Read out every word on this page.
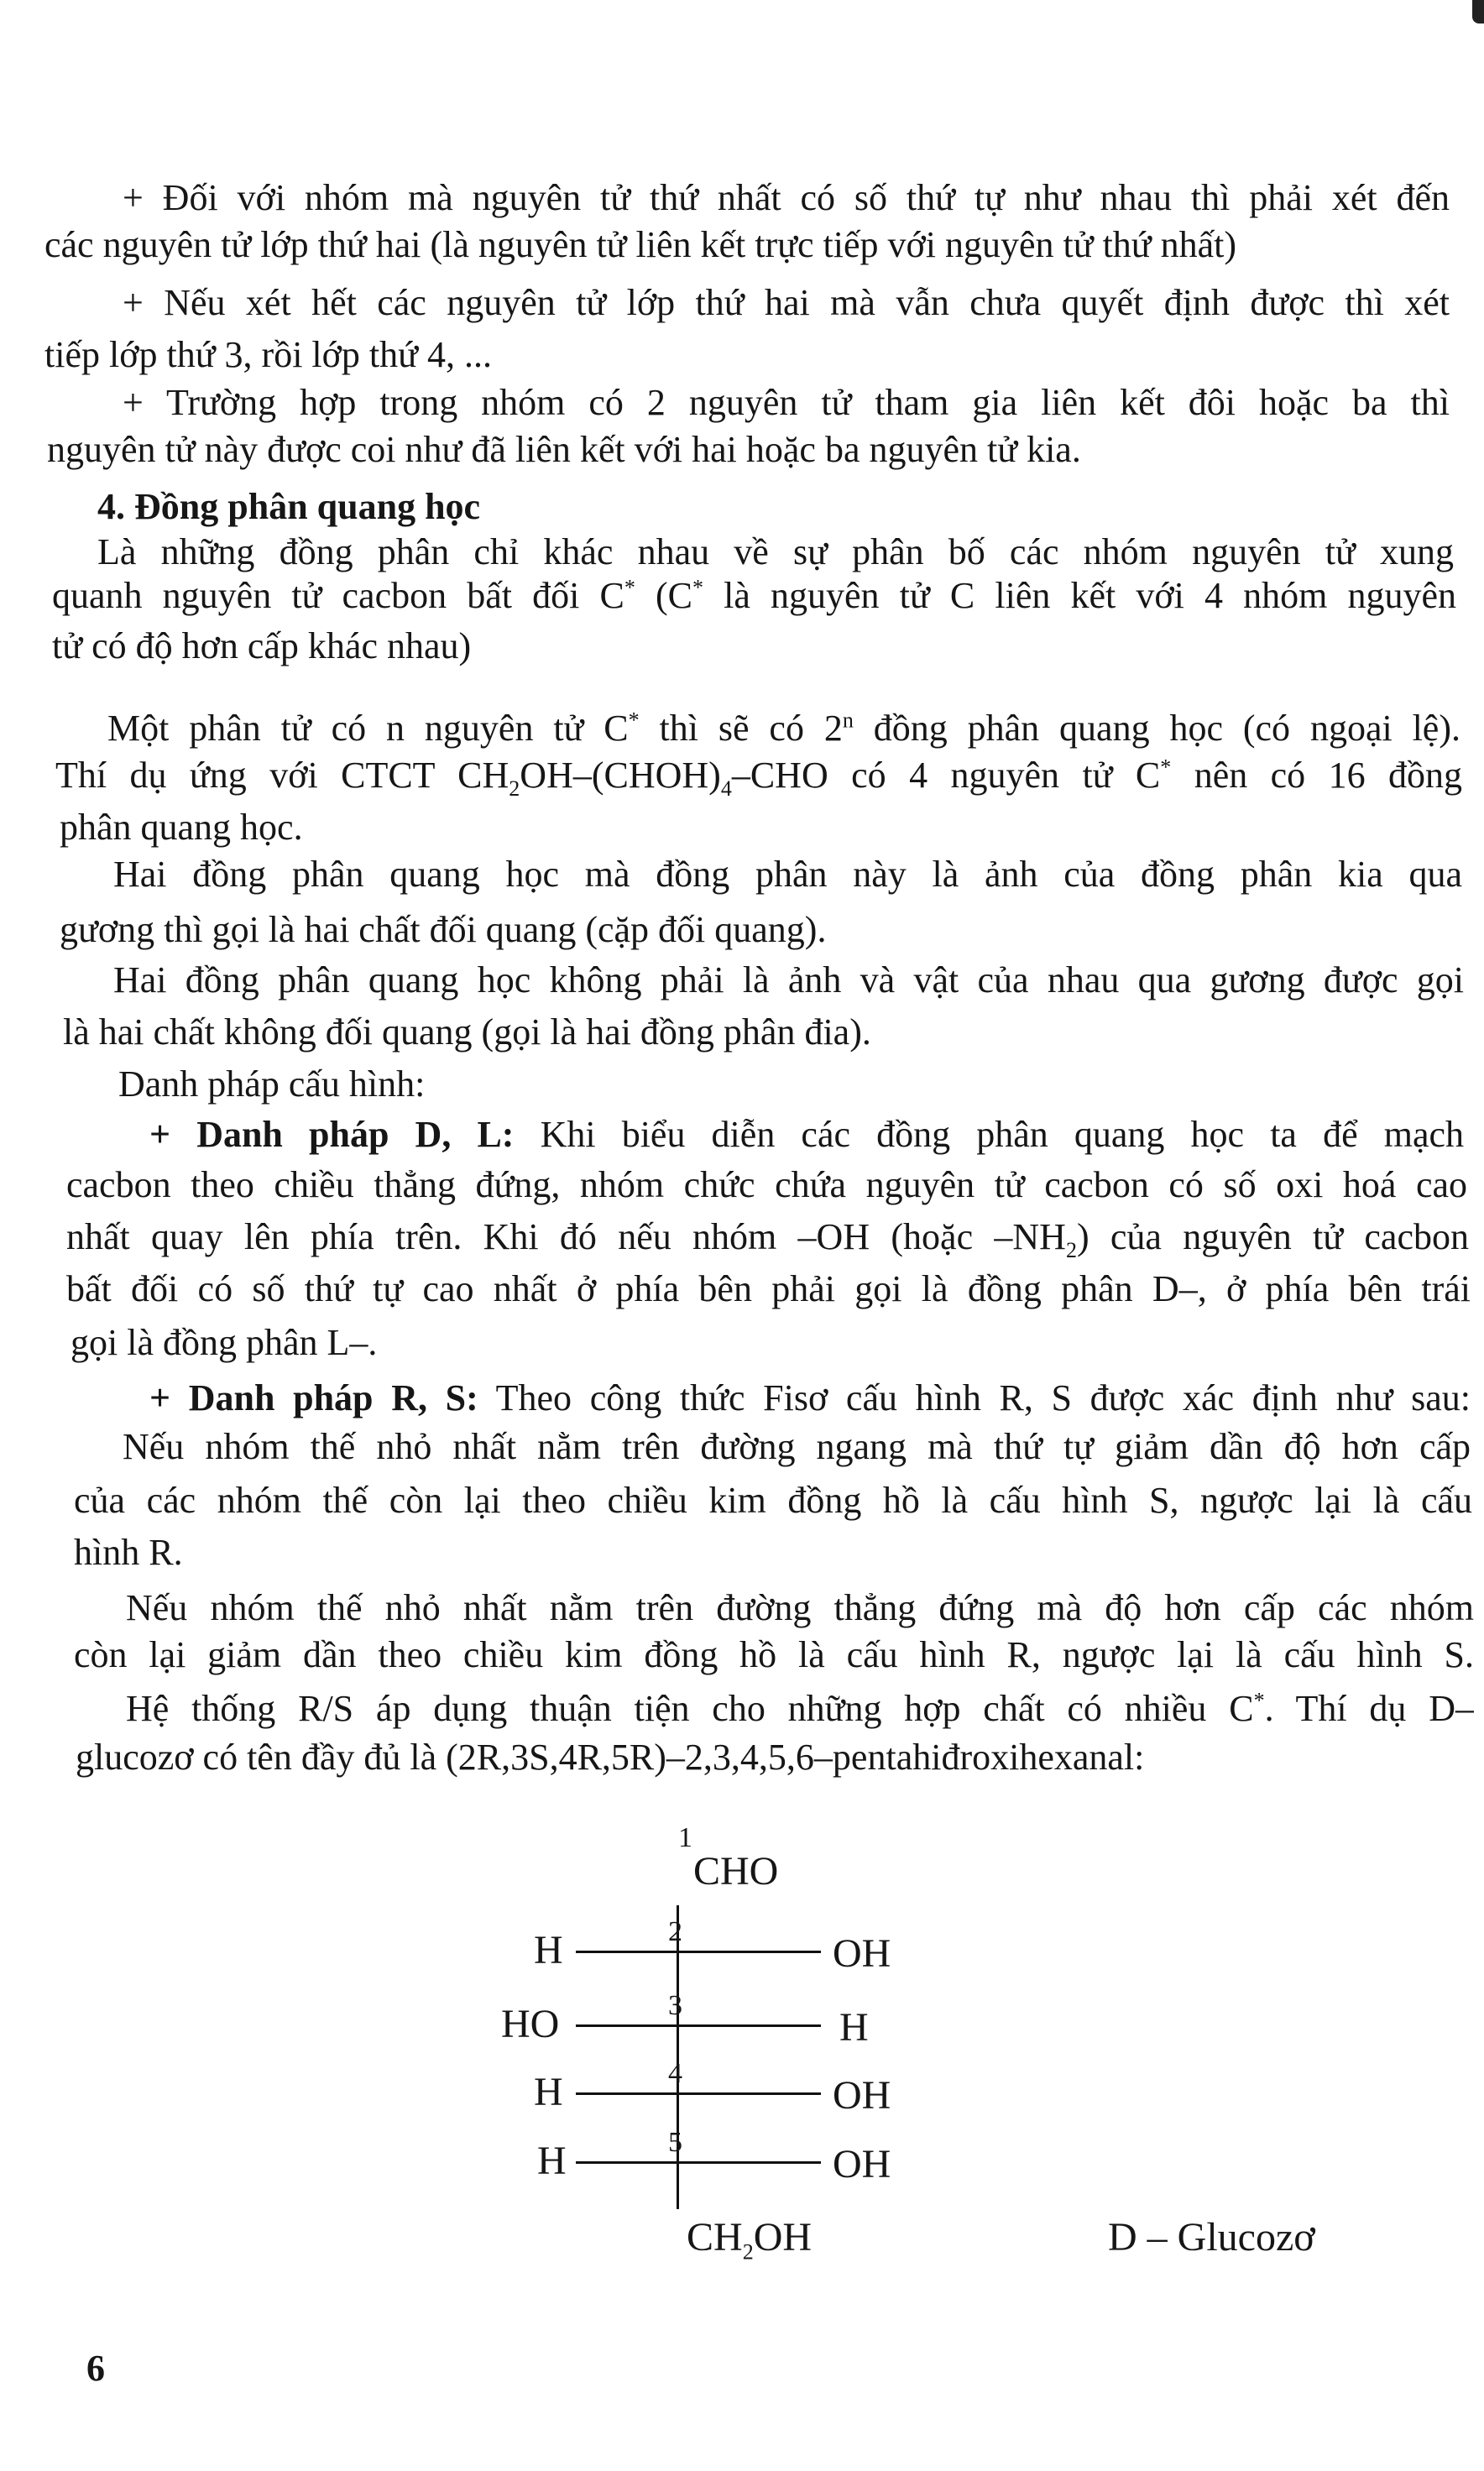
+ Đối với nhóm mà nguyên tử thứ nhất có số thứ tự như nhau thì phải xét đến
các nguyên tử lớp thứ hai (là nguyên tử liên kết trực tiếp với nguyên tử thứ nhất)
+ Nếu xét hết các nguyên tử lớp thứ hai mà vẫn chưa quyết định được thì xét
tiếp lớp thứ 3, rồi lớp thứ 4, ...
+ Trường hợp trong nhóm có 2 nguyên tử tham gia liên kết đôi hoặc ba thì
nguyên tử này được coi như đã liên kết với hai hoặc ba nguyên tử kia.
4. Đồng phân quang học
Là những đồng phân chỉ khác nhau về sự phân bố các nhóm nguyên tử xung
quanh nguyên tử cacbon bất đối C* (C* là nguyên tử C liên kết với 4 nhóm nguyên
tử có độ hơn cấp khác nhau)
Một phân tử có n nguyên tử C* thì sẽ có 2$^n$ đồng phân quang học (có ngoại lệ).
Thí dụ ứng với CTCT $CH_2OH-(CHOH)_4$–CHO có 4 nguyên tử C* nên có 16 đồng
phân quang học.
Hai đồng phân quang học mà đồng phân này là ảnh của đồng phân kia qua
gương thì gọi là hai chất đối quang (cặp đối quang).
Hai đồng phân quang học không phải là ảnh và vật của nhau qua gương được gọi
là hai chất không đối quang (gọi là hai đồng phân đia).
Danh pháp cấu hình:
+ Danh pháp D, L: Khi biểu diễn các đồng phân quang học ta để mạch
cacbon theo chiều thẳng đứng, nhóm chức chứa nguyên tử cacbon có số oxi hoá cao
nhất quay lên phía trên. Khi đó nếu nhóm –OH (hoặc $-NH_2$) của nguyên tử cacbon
bất đối có số thứ tự cao nhất ở phía bên phải gọi là đồng phân D–, ở phía bên trái
gọi là đồng phân L–.
+ Danh pháp R, S: Theo công thức Fisơ cấu hình R, S được xác định như sau:
Nếu nhóm thế nhỏ nhất nằm trên đường ngang mà thứ tự giảm dần độ hơn cấp
của các nhóm thế còn lại theo chiều kim đồng hồ là cấu hình S, ngược lại là cấu
hình R.
Nếu nhóm thế nhỏ nhất nằm trên đường thẳng đứng mà độ hơn cấp các nhóm
còn lại giảm dần theo chiều kim đồng hồ là cấu hình R, ngược lại là cấu hình S.
Hệ thống R/S áp dụng thuận tiện cho những hợp chất có nhiều C*. Thí dụ D–
glucozơ có tên đầy đủ là (2R,3S,4R,5R)–2,3,4,5,6–pentahiđroxihexanal:
1
CHO
$CH_2OH$	D – Glucozơ
2
H	OH
3
HO	H
4
H	OH
5
H	OH
6
